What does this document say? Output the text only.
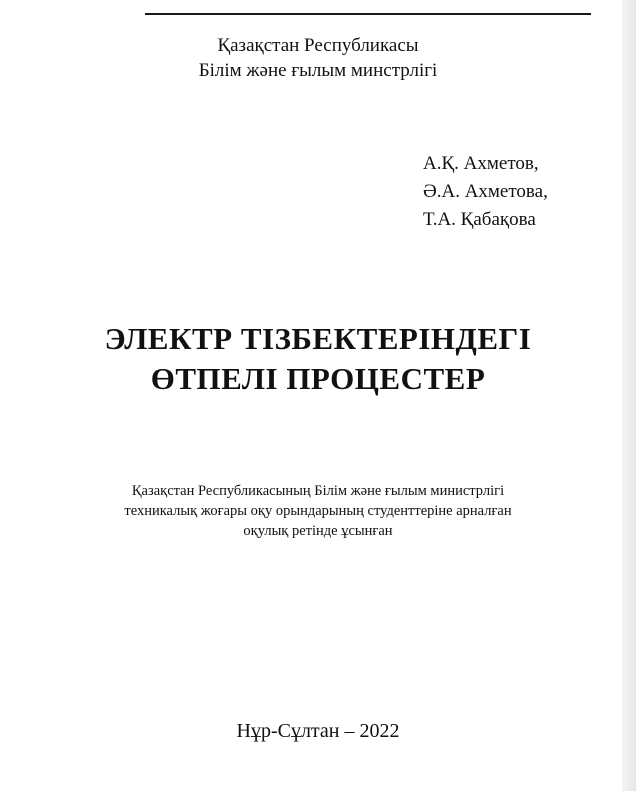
Қазақстан Республикасы
Білім және ғылым минстрлігі
А.Қ. Ахметов,
Ә.А. Ахметова,
Т.А. Қабақова
ЭЛЕКТР ТІЗБЕКТЕРІНДЕГІ
ӨТПЕЛІ ПРОЦЕСТЕР
Қазақстан Республикасының Білім және ғылым министрлігі
техникалық жоғары оқу орындарының студенттеріне арналған
оқулық ретінде ұсынған
Нұр-Сұлтан – 2022
